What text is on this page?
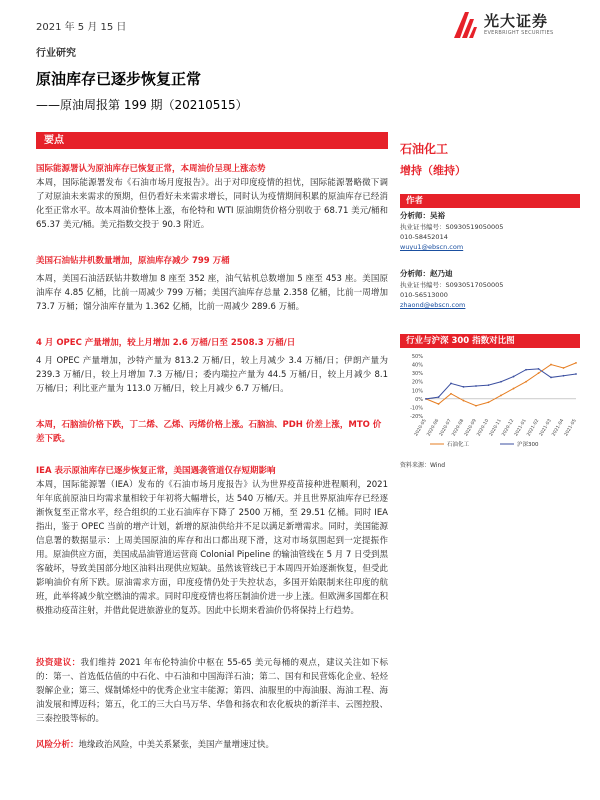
2021 年 5 月 15 日	光大证券
EVERBRIGHT SECURITIES
行业研究
原油库存已逐步恢复正常
——原油周报第 199 期（20210515）
要点

国际能源署认为原油库存已恢复正常，本周油价呈现上涨态势

本周，国际能源署发布《石油市场月度报告》。出于对印度疫情的担忧，国际能源署略微下调了对原油未来需求的预期，但仍看好未来需求增长，同时认为疫情期间积累的原油库存已经消化至正常水平。故本周油价整体上涨，布伦特和 WTI 原油期货价格分别收于 68.71 美元/桶和 65.37 美元/桶。美元指数交投于 90.3 附近。

美国石油钻井机数量增加，原油库存减少 799 万桶

本周，美国石油活跃钻井数增加 8 座至 352 座，油气钻机总数增加 5 座至 453 座。美国原油库存 4.85 亿桶，比前一周减少 799 万桶；美国汽油库存总量 2.358 亿桶，比前一周增加 73.7 万桶；馏分油库存量为 1.362 亿桶，比前一周减少 289.6 万桶。

4 月 OPEC 产量增加，较上月增加 2.6 万桶/日至 2508.3 万桶/日

4 月 OPEC 产量增加，沙特产量为 813.2 万桶/日，较上月减少 3.4 万桶/日；伊朗产量为 239.3 万桶/日，较上月增加 7.3 万桶/日；委内瑞拉产量为 44.5 万桶/日，较上月减少 8.1 万桶/日；利比亚产量为 113.0 万桶/日，较上月减少 6.7 万桶/日。

本周，石脑油价格下跌，丁二烯、乙烯、丙烯价格上涨。石脑油、PDH 价差上涨，MTO 价差下跌。

IEA 表示原油库存已逐步恢复正常，美国遇袭管道仅存短期影响

本周，国际能源署（IEA）发布的《石油市场月度报告》认为世界疫苗接种进程顺利，2021 年年底前原油日均需求量相较于年初将大幅增长，达 540 万桶/天。并且世界原油库存已经逐渐恢复至正常水平，经合组织的工业石油库存下降了 2500 万桶，至 29.51 亿桶。同时 IEA 指出，鉴于 OPEC 当前的增产计划，新增的原油供给并不足以满足新增需求。同时，美国能源信息署的数据显示：上周美国原油的库存和出口都出现下滑，这对市场氛围起到一定提振作用。原油供应方面，美国成品油管道运营商 Colonial Pipeline 的输油管线在 5 月 7 日受到黑客破坏，导致美国部分地区油料出现供应短缺。虽然该管线已于本周四开始逐渐恢复，但受此影响油价有所下跌。原油需求方面，印度疫情仍处于失控状态，多国开始限制来往印度的航班，此举将减少航空燃油的需求。同时印度疫情也将压制油价进一步上涨。但欧洲多国都在积极推动疫苗注射，并借此促进旅游业的复苏。因此中长期来看油价仍将保持上行趋势。

投资建议：我们维持 2021 年布伦特油价中枢在 55-65 美元每桶的观点，建议关注如下标的：第一、首选低估值的中石化、中石油和中国海洋石油；第二、国有和民营炼化企业、轻烃裂解企业；第三、煤制烯烃中的优秀企业宝丰能源；第四、油服里的中海油服、海油工程、海油发展和博迈科；第五，化工的三大白马万华、华鲁和扬农和农化板块的新洋丰、云图控股、三泰控股等标的。

风险分析：地缘政治风险，中美关系紧张，美国产量增速过快。

石油化工
增持（维持）
作者
分析师：吴裕
执业证书编号：S0930519050005
010-58452014
wuyu1@ebscn.com
分析师：赵乃迪
执业证书编号：S0930517050005
010-56513000
zhaond@ebscn.com
行业与沪深 300 指数对比图
-20%
-10%
0%
10%
20%
30%
40%
50%
2020-05
2020-06
2020-07
2020-08
2020-09
2020-10
2020-11
2020-12
2021-01
2021-02
2021-03
2021-04
2021-05
石油化工	沪深300
资料来源：Wind
